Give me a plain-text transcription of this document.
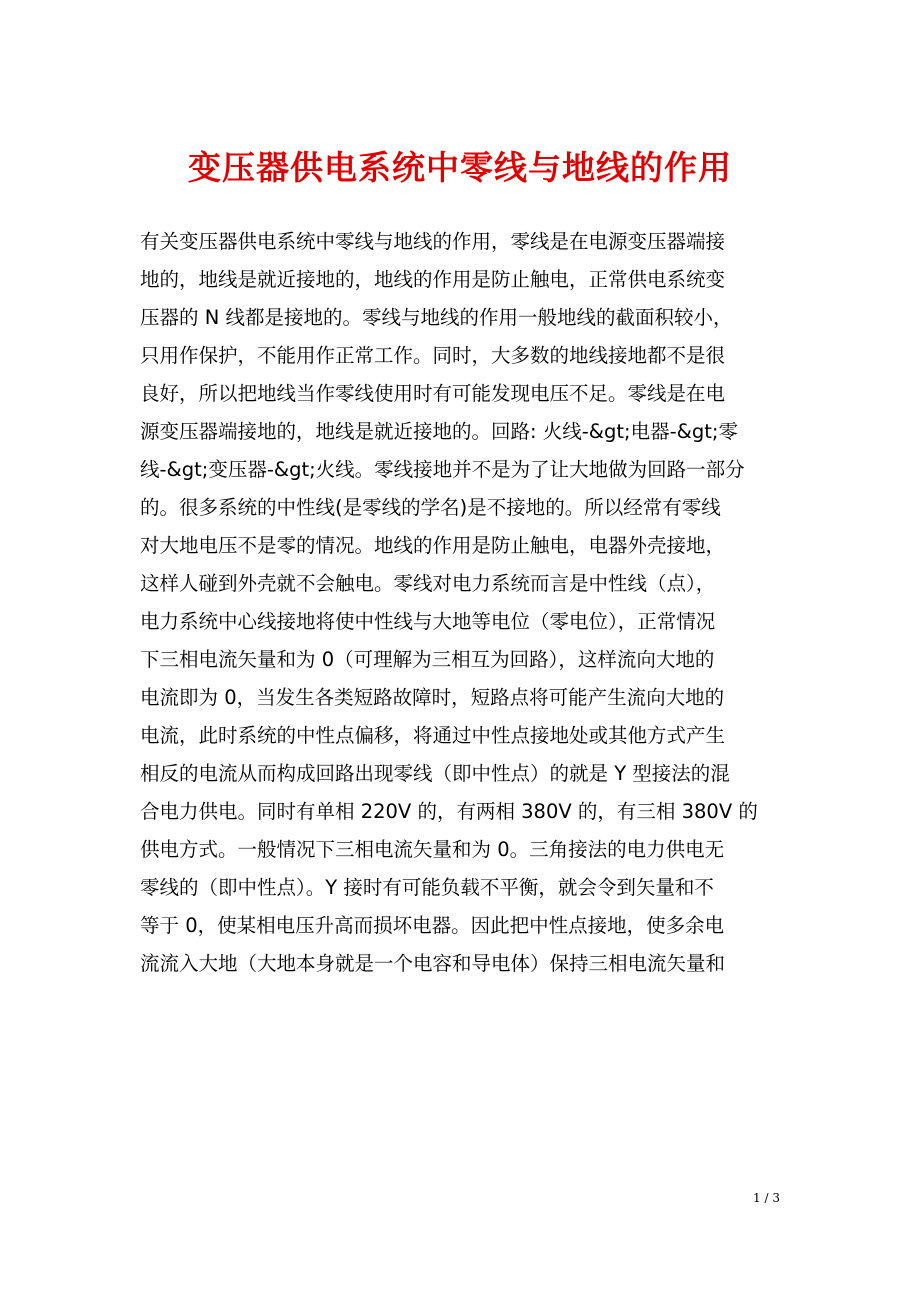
变压器供电系统中零线与地线的作用
有关变压器供电系统中零线与地线的作用，零线是在电源变压器端接
地的，地线是就近接地的，地线的作用是防止触电，正常供电系统变
压器的 N 线都是接地的。零线与地线的作用一般地线的截面积较小，
只用作保护，不能用作正常工作。同时，大多数的地线接地都不是很
良好，所以把地线当作零线使用时有可能发现电压不足。零线是在电
源变压器端接地的，地线是就近接地的。回路: 火线-&gt;电器-&gt;零
线-&gt;变压器-&gt;火线。零线接地并不是为了让大地做为回路一部分
的。很多系统的中性线(是零线的学名)是不接地的。所以经常有零线
对大地电压不是零的情况。地线的作用是防止触电，电器外壳接地，
这样人碰到外壳就不会触电。零线对电力系统而言是中性线（点），
电力系统中心线接地将使中性线与大地等电位（零电位），正常情况
下三相电流矢量和为 0（可理解为三相互为回路），这样流向大地的
电流即为 0，当发生各类短路故障时，短路点将可能产生流向大地的
电流，此时系统的中性点偏移，将通过中性点接地处或其他方式产生
相反的电流从而构成回路出现零线（即中性点）的就是 Y 型接法的混
合电力供电。同时有单相 220V 的，有两相 380V 的，有三相 380V 的
供电方式。一般情况下三相电流矢量和为 0。三角接法的电力供电无
零线的（即中性点）。Y 接时有可能负载不平衡，就会令到矢量和不
等于 0，使某相电压升高而损坏电器。因此把中性点接地，使多余电
流流入大地（大地本身就是一个电容和导电体）保持三相电流矢量和
1 / 3
